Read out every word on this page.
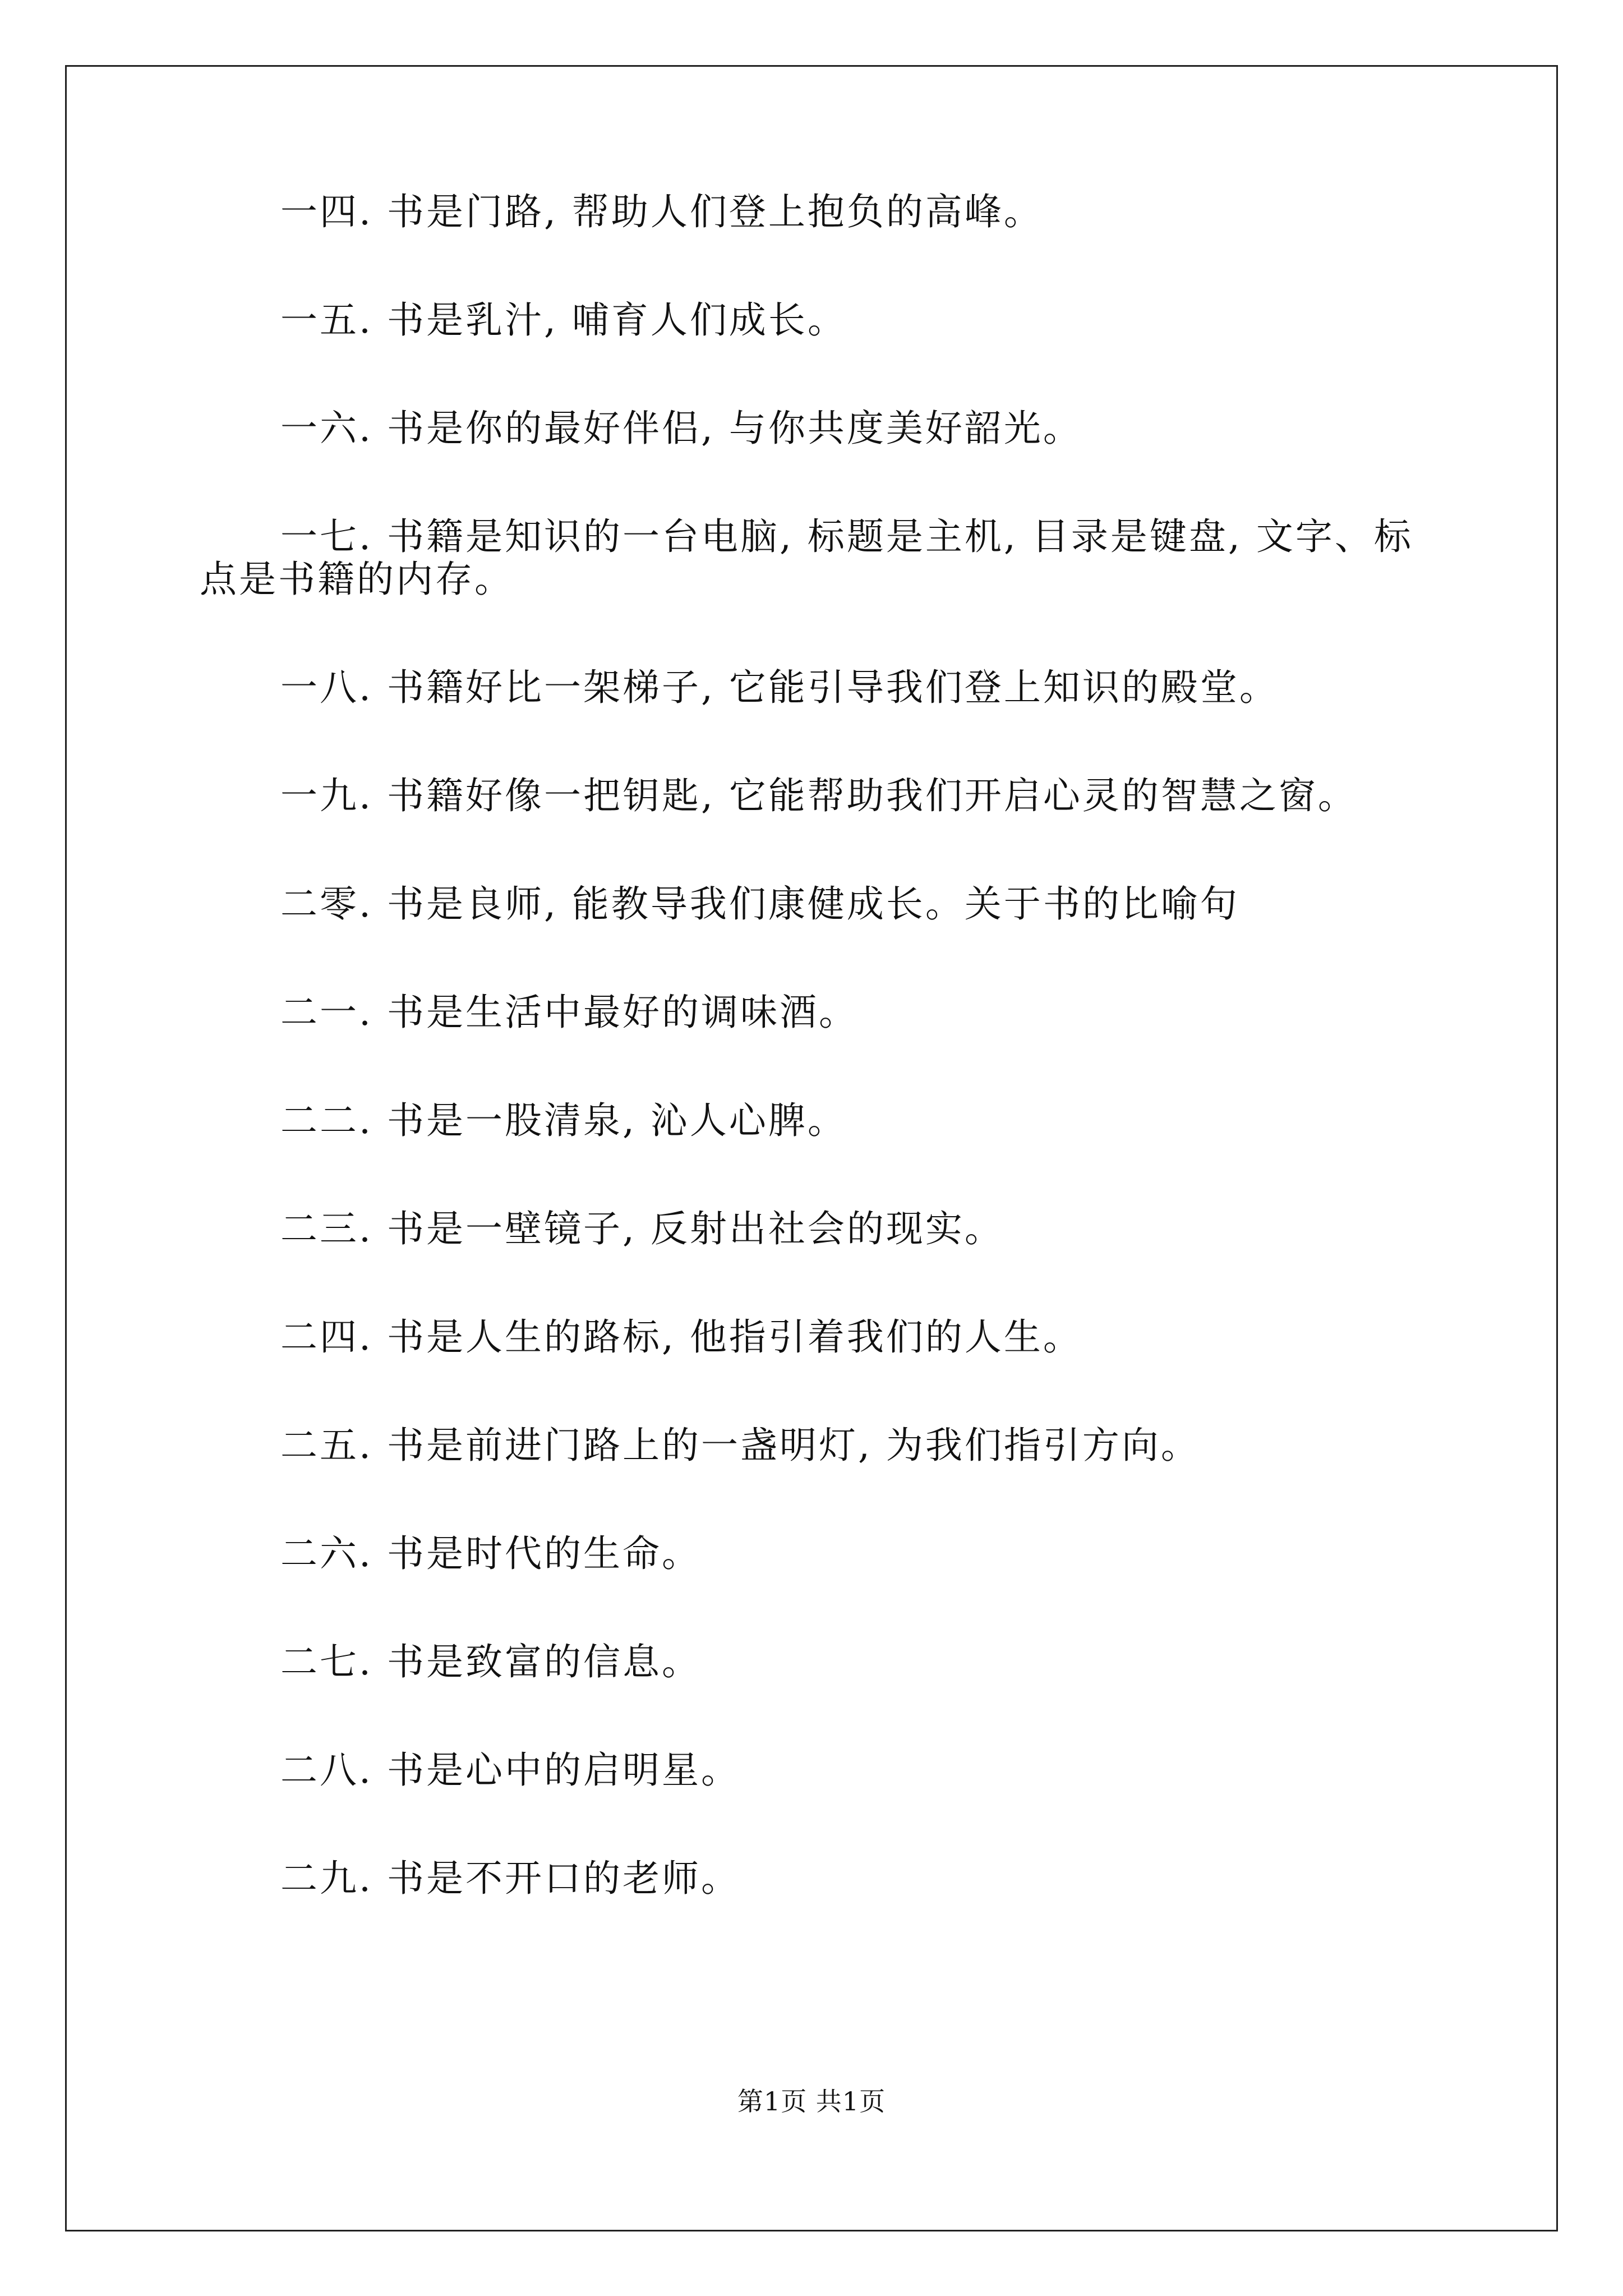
一四. 书是门路, 帮助人们登上抱负的高峰。

一五. 书是乳汁, 哺育人们成长。

一六. 书是你的最好伴侣, 与你共度美好韶光。

一七. 书籍是知识的一台电脑, 标题是主机, 目录是键盘, 文字、标点是书籍的内存。

一八. 书籍好比一架梯子, 它能引导我们登上知识的殿堂。

一九. 书籍好像一把钥匙, 它能帮助我们开启心灵的智慧之窗。

二零. 书是良师, 能教导我们康健成长。关于书的比喻句

二一. 书是生活中最好的调味酒。

二二. 书是一股清泉, 沁人心脾。

二三. 书是一壁镜子, 反射出社会的现实。

二四. 书是人生的路标, 他指引着我们的人生。

二五. 书是前进门路上的一盏明灯, 为我们指引方向。

二六. 书是时代的生命。

二七. 书是致富的信息。

二八. 书是心中的启明星。

二九. 书是不开口的老师。

第1页 共1页
